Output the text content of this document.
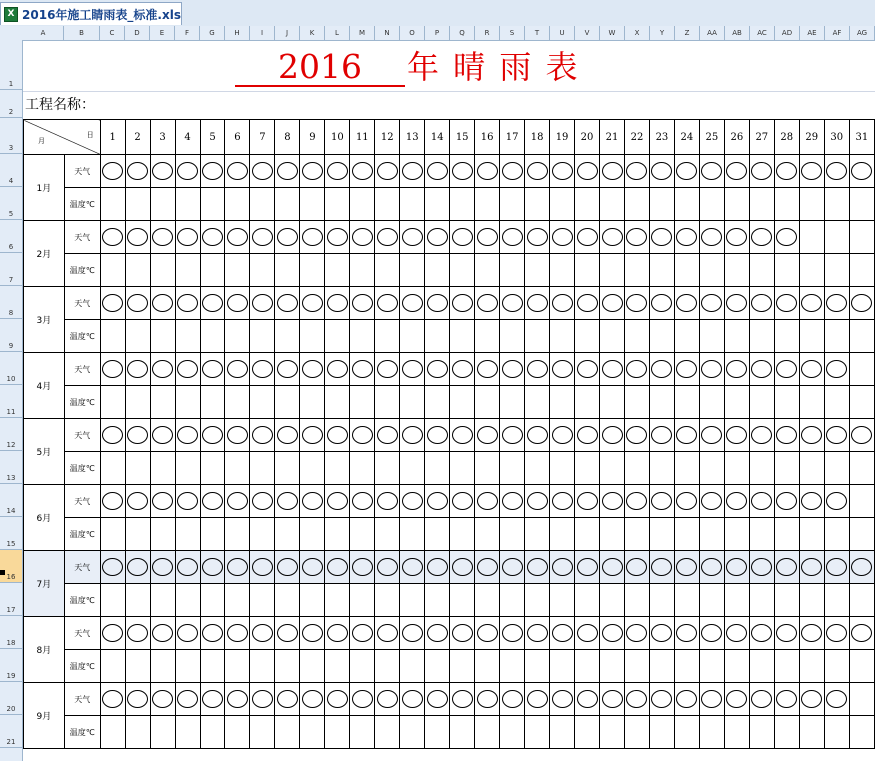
X 2016年施工睛雨表_标准.xls
A	B	C	D	E	F	G	H	I	J	K	L	M	N	O	P	Q	R	S	T	U	V	W	X	Y	Z	AA	AB	AC	AD	AE	AF	AG
1
2
3
4
5
6
7
8
9
10
11
12
13
14
15
16
17
18
19
20
21
2016	年 晴 雨 表
工程名称：
月
日		1	2	3	4	5	6	7	8	9	10	11	12	13	14	15	16	17	18	19	20	21	22	23	24	25	26	27	28	29	30	31
1月	天气																															
	温度℃																															
2月	天气																															
	温度℃																															
3月	天气																															
	温度℃																															
4月	天气																															
	温度℃																															
5月	天气																															
	温度℃																															
6月	天气																															
	温度℃																															
7月	天气																															
	温度℃																															
8月	天气																															
	温度℃																															
9月	天气																															
	温度℃																															
